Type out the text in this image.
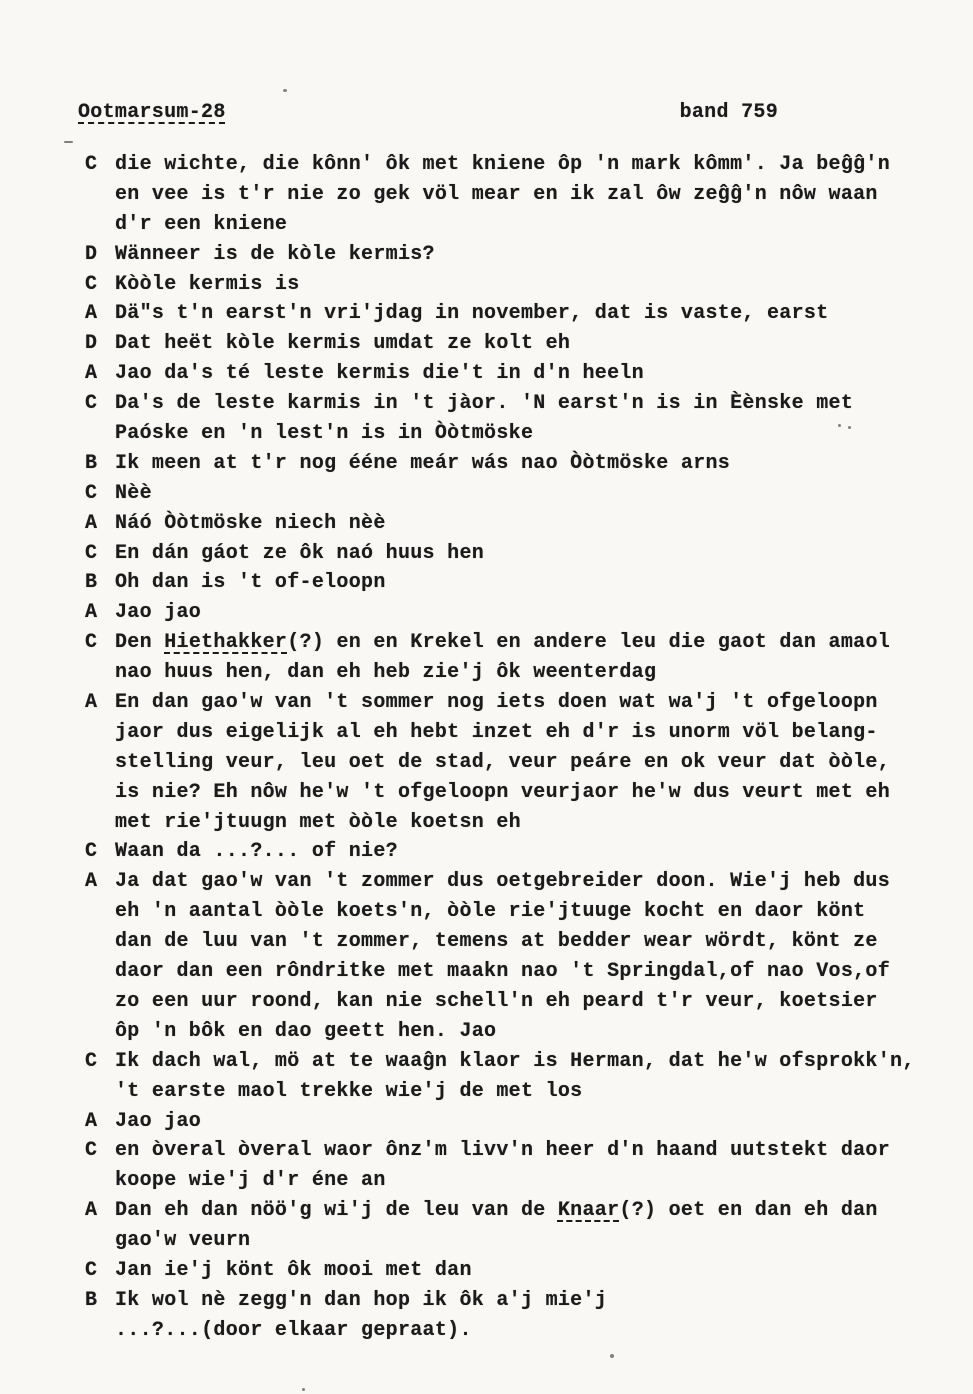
Ootmarsum-28	band 759
C die wichte, die kônn' ôk met kniene ôp 'n mark kômm'. Ja beĝĝ'n
en vee is t'r nie zo gek völ mear en ik zal ôw zeĝĝ'n nôw waan
d'r een kniene
D Wänneer is de kòle kermis?
C Kòòle kermis is
A Dä"s t'n earst'n vri'jdag in november, dat is vaste, earst
D Dat heët kòle kermis umdat ze kolt eh
A Jao da's té leste kermis die't in d'n heeln
C Da's de leste karmis in 't jàor. 'N earst'n is in Èènske met
Paóske en 'n lest'n is in Òòtmöske
B Ik meen at t'r nog ééne meár wás nao Òòtmöske arns
C Nèè
A Náó Òòtmöske niech nèè
C En dán gáot ze ôk naó huus hen
B Oh dan is 't of-eloopn
A Jao jao
C Den Hiethakker(?) en en Krekel en andere leu die gaot dan amaol
nao huus hen, dan eh heb zie'j ôk weenterdag
A En dan gao'w van 't sommer nog iets doen wat wa'j 't ofgeloopn
jaor dus eigelijk al eh hebt inzet eh d'r is unorm völ belang-
stelling veur, leu oet de stad, veur peáre en ok veur dat òòle,
is nie? Eh nôw he'w 't ofgeloopn veurjaor he'w dus veurt met eh
met rie'jtuugn met òòle koetsn eh
C Waan da ...?... of nie?
A Ja dat gao'w van 't zommer dus oetgebreider doon. Wie'j heb dus
eh 'n aantal òòle koets'n, òòle rie'jtuuge kocht en daor könt
dan de luu van 't zommer, temens at bedder wear wördt, könt ze
daor dan een rôndritke met maakn nao 't Springdal,of nao Vos,of
zo een uur roond, kan nie schell'n eh peard t'r veur, koetsier
ôp 'n bôk en dao geett hen. Jao
C Ik dach wal, mö at te waaĝn klaor is Herman, dat he'w ofsprokk'n,
't earste maol trekke wie'j de met los
A Jao jao
C en òveral òveral waor ônz'm livv'n heer d'n haand uutstekt daor
koope wie'j d'r éne an
A Dan eh dan nöö'g wi'j de leu van de Knaar(?) oet en dan eh dan
gao'w veurn
C Jan ie'j könt ôk mooi met dan
B Ik wol nè zegg'n dan hop ik ôk a'j mie'j
...?...(door elkaar gepraat).
